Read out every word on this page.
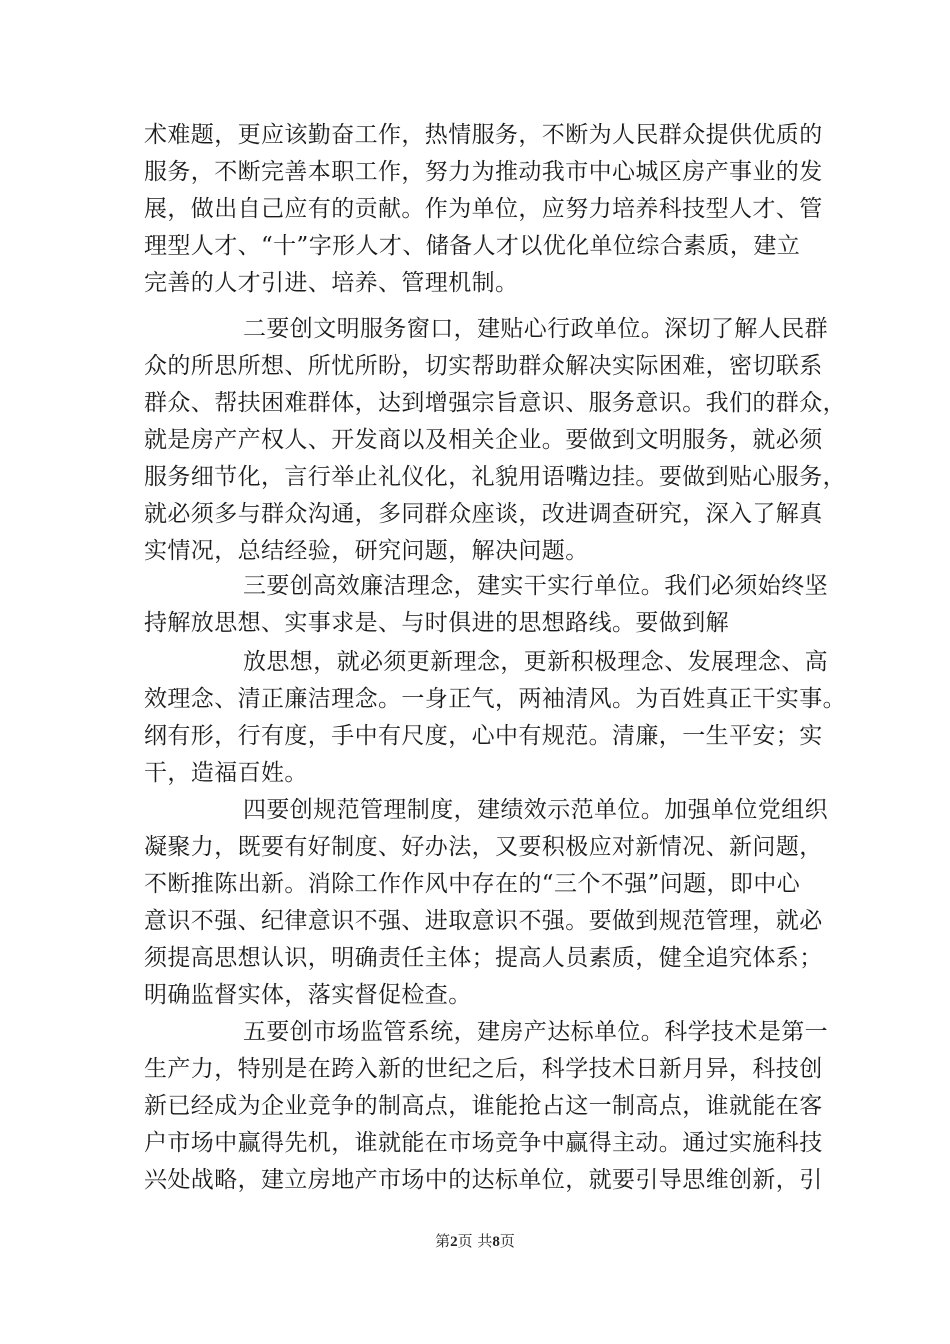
术难题，更应该勤奋工作，热情服务，不断为人民群众提供优质的
服务，不断完善本职工作，努力为推动我市中心城区房产事业的发
展，做出自己应有的贡献。作为单位，应努力培养科技型人才、管
理型人才、“十”字形人才、储备人才以优化单位综合素质，建立
完善的人才引进、培养、管理机制。
二要创文明服务窗口，建贴心行政单位。深切了解人民群
众的所思所想、所忧所盼，切实帮助群众解决实际困难，密切联系
群众、帮扶困难群体，达到增强宗旨意识、服务意识。我们的群众，
就是房产产权人、开发商以及相关企业。要做到文明服务，就必须
服务细节化，言行举止礼仪化，礼貌用语嘴边挂。要做到贴心服务，
就必须多与群众沟通，多同群众座谈，改进调查研究，深入了解真
实情况，总结经验，研究问题，解决问题。
三要创高效廉洁理念，建实干实行单位。我们必须始终坚
持解放思想、实事求是、与时俱进的思想路线。要做到解
放思想，就必须更新理念，更新积极理念、发展理念、高
效理念、清正廉洁理念。一身正气，两袖清风。为百姓真正干实事。
纲有形，行有度，手中有尺度，心中有规范。清廉，一生平安；实
干，造福百姓。
四要创规范管理制度，建绩效示范单位。加强单位党组织
凝聚力，既要有好制度、好办法，又要积极应对新情况、新问题，
不断推陈出新。消除工作作风中存在的“三个不强”问题，即中心
意识不强、纪律意识不强、进取意识不强。要做到规范管理，就必
须提高思想认识，明确责任主体；提高人员素质，健全追究体系；
明确监督实体，落实督促检查。
五要创市场监管系统，建房产达标单位。科学技术是第一
生产力，特别是在跨入新的世纪之后，科学技术日新月异，科技创
新已经成为企业竞争的制高点，谁能抢占这一制高点，谁就能在客
户市场中赢得先机，谁就能在市场竞争中赢得主动。通过实施科技
兴处战略，建立房地产市场中的达标单位，就要引导思维创新，引
第2页 共8页
